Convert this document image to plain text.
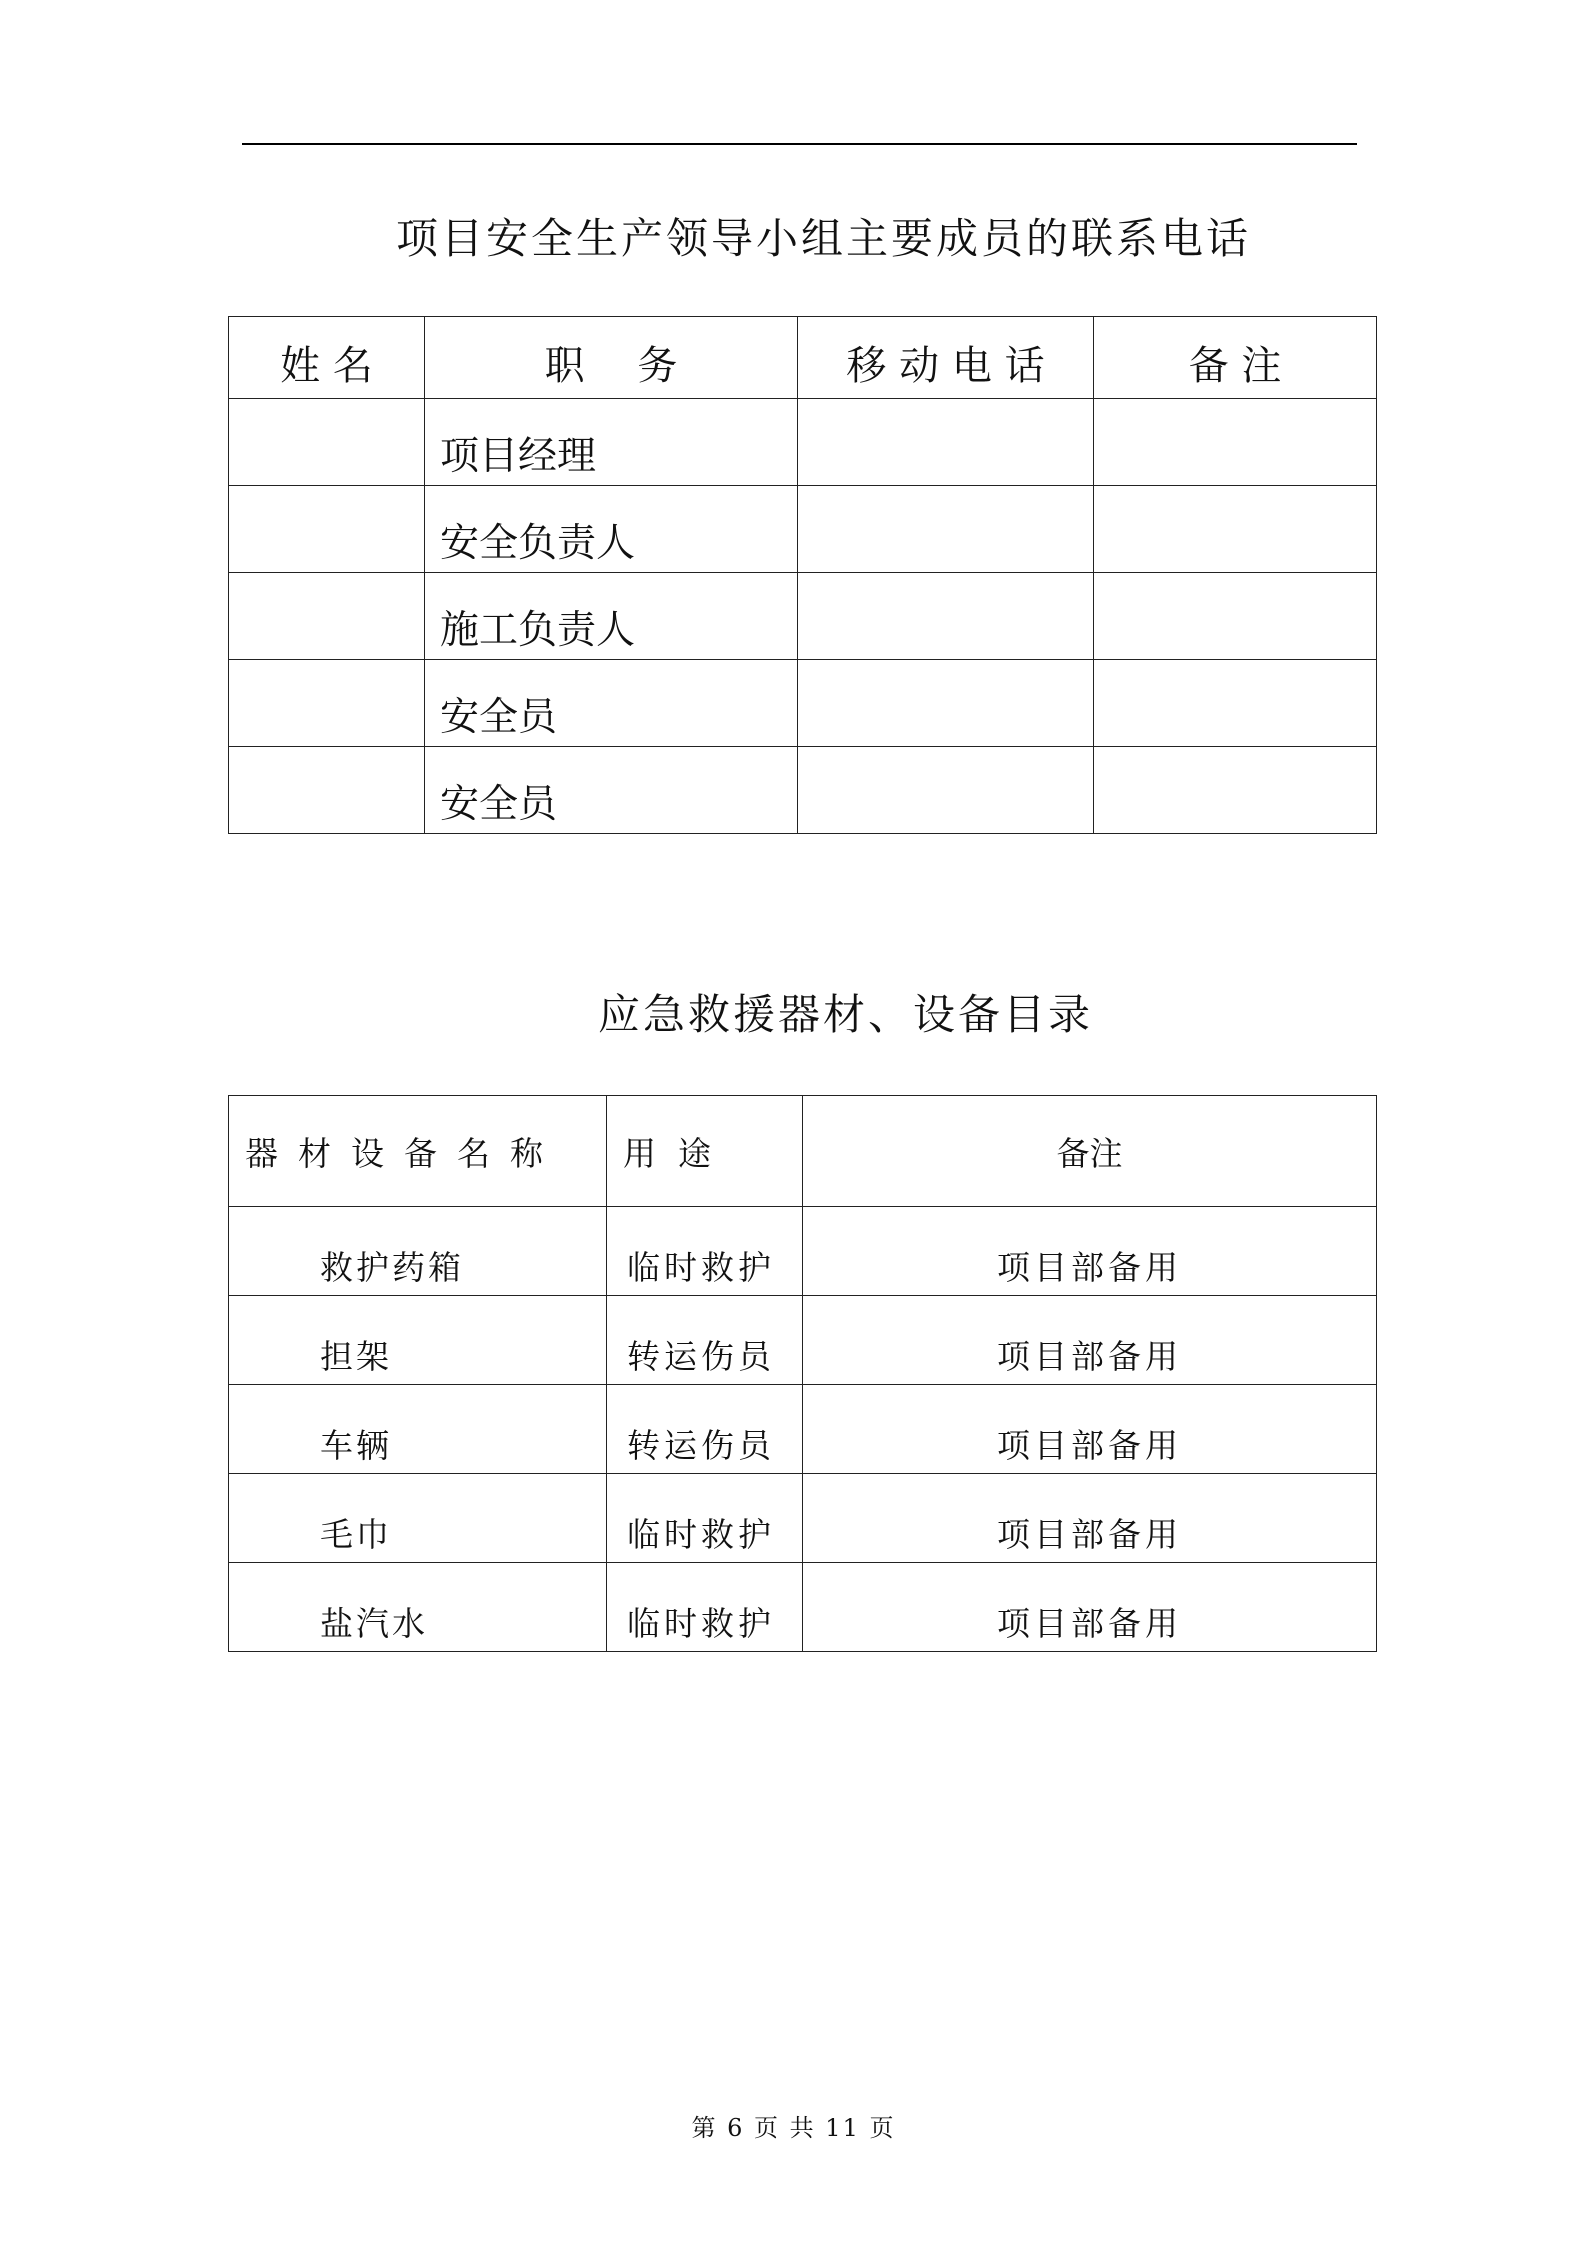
项目安全生产领导小组主要成员的联系电话
姓 名	职　 务	移 动 电 话	备 注
	项目经理		
	安全负责人		
	施工负责人		
	安全员		
	安全员		
应急救援器材、设备目录
器材设备名称	用途	备注
救护药箱	临时救护	项目部备用
担架	转运伤员	项目部备用
车辆	转运伤员	项目部备用
毛巾	临时救护	项目部备用
盐汽水	临时救护	项目部备用
第 6 页 共 11 页
